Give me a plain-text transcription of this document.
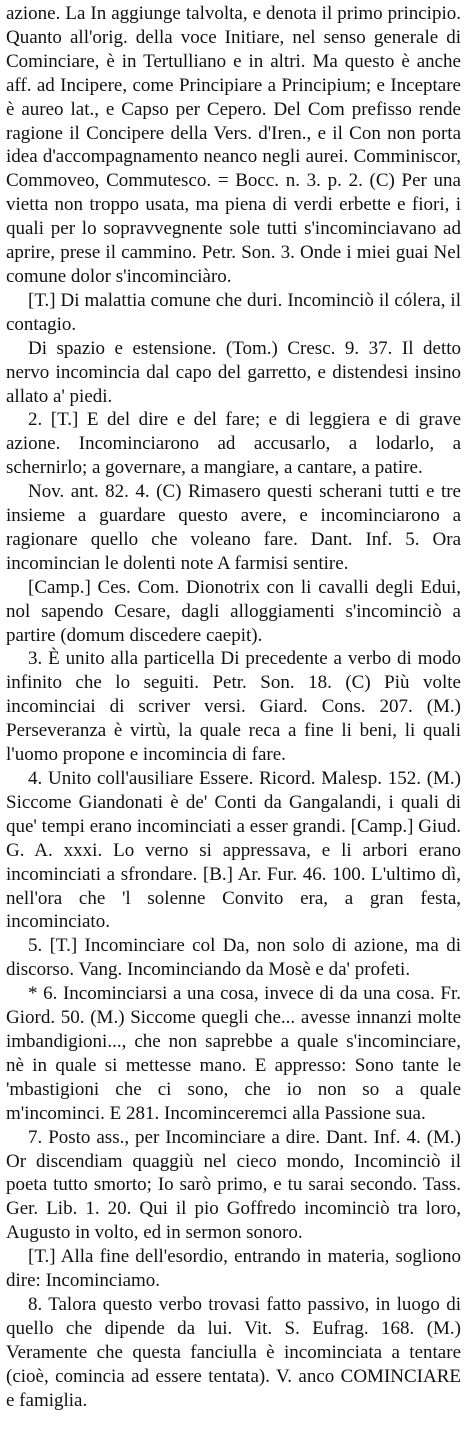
azione. La In aggiunge talvolta, e denota il primo principio. Quanto all'orig. della voce Initiare, nel senso generale di Cominciare, è in Tertulliano e in altri. Ma questo è anche aff. ad Incipere, come Principiare a Principium; e Inceptare è aureo lat., e Capso per Cepero. Del Com prefisso rende ragione il Concipere della Vers. d'Iren., e il Con non porta idea d'accompagnamento neanco negli aurei. Comminiscor, Commoveo, Commutesco. = Bocc. n. 3. p. 2. (C) Per una vietta non troppo usata, ma piena di verdi erbette e fiori, i quali per lo sopravvegnente sole tutti s'incominciavano ad aprire, prese il cammino. Petr. Son. 3. Onde i miei guai Nel comune dolor s'incominciàro.

[T.] Di malattia comune che duri. Incominciò il cólera, il contagio.

Di spazio e estensione. (Tom.) Cresc. 9. 37. Il detto nervo incomincia dal capo del garretto, e distendesi insino allato a' piedi.

2. [T.] E del dire e del fare; e di leggiera e di grave azione. Incominciarono ad accusarlo, a lodarlo, a schernirlo; a governare, a mangiare, a cantare, a patire.

Nov. ant. 82. 4. (C) Rimasero questi scherani tutti e tre insieme a guardare questo avere, e incominciarono a ragionare quello che voleano fare. Dant. Inf. 5. Ora incomincian le dolenti note A farmisi sentire.

[Camp.] Ces. Com. Dionotrix con li cavalli degli Edui, nol sapendo Cesare, dagli alloggiamenti s'incominciò a partire (domum discedere caepit).

3. È unito alla particella Di precedente a verbo di modo infinito che lo seguiti. Petr. Son. 18. (C) Più volte incominciai di scriver versi. Giard. Cons. 207. (M.) Perseveranza è virtù, la quale reca a fine li beni, li quali l'uomo propone e incomincia di fare.

4. Unito coll'ausiliare Essere. Ricord. Malesp. 152. (M.) Siccome Giandonati è de' Conti da Gangalandi, i quali di que' tempi erano incominciati a esser grandi. [Camp.] Giud. G. A. xxxi. Lo verno si appressava, e li arbori erano incominciati a sfrondare. [B.] Ar. Fur. 46. 100. L'ultimo dì, nell'ora che 'l solenne Convito era, a gran festa, incominciato.

5. [T.] Incominciare col Da, non solo di azione, ma di discorso. Vang. Incominciando da Mosè e da' profeti.

* 6. Incominciarsi a una cosa, invece di da una cosa. Fr. Giord. 50. (M.) Siccome quegli che... avesse innanzi molte imbandigioni..., che non saprebbe a quale s'incominciare, nè in quale si mettesse mano. E appresso: Sono tante le 'mbastigioni che ci sono, che io non so a quale m'incominci. E 281. Incominceremci alla Passione sua.

7. Posto ass., per Incominciare a dire. Dant. Inf. 4. (M.) Or discendiam quaggiù nel cieco mondo, Incominciò il poeta tutto smorto; Io sarò primo, e tu sarai secondo. Tass. Ger. Lib. 1. 20. Qui il pio Goffredo incominciò tra loro, Augusto in volto, ed in sermon sonoro.

[T.] Alla fine dell'esordio, entrando in materia, sogliono dire: Incominciamo.

8. Talora questo verbo trovasi fatto passivo, in luogo di quello che dipende da lui. Vit. S. Eufrag. 168. (M.) Veramente che questa fanciulla è incominciata a tentare (cioè, comincia ad essere tentata). V. anco COMINCIARE e famiglia.
